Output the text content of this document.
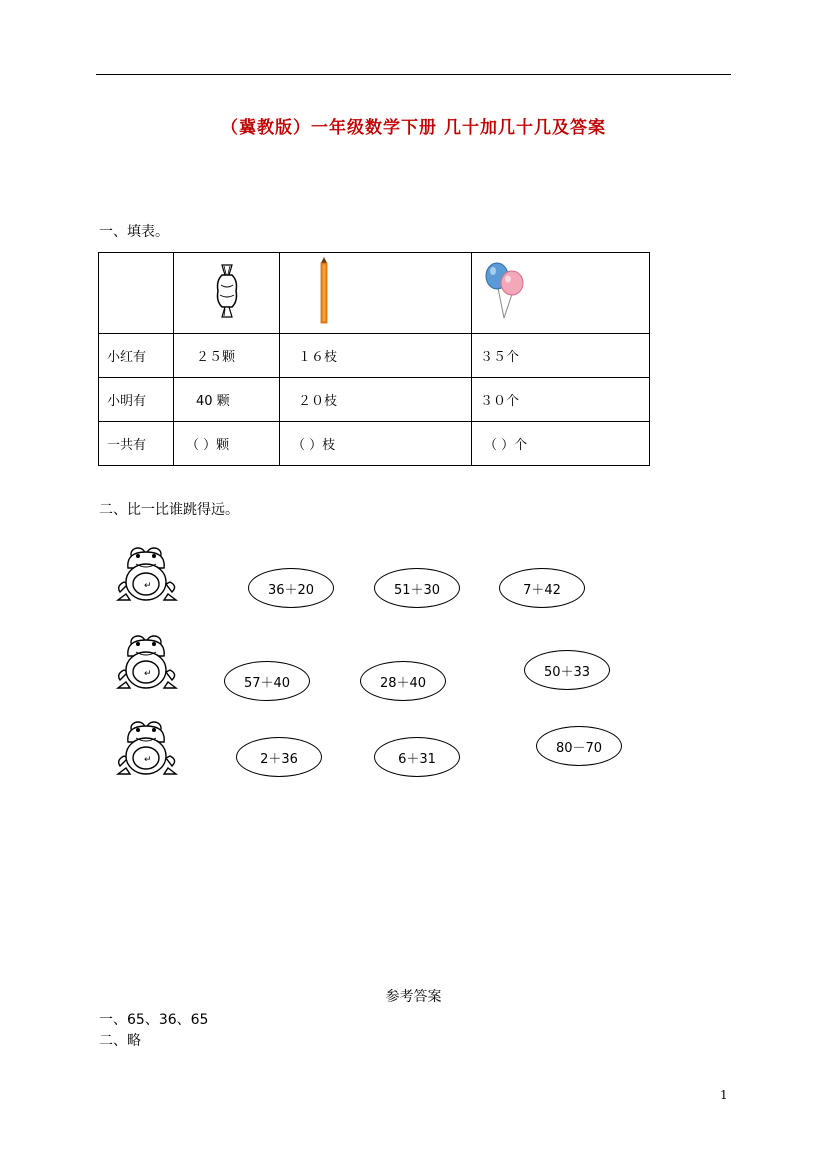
（冀教版）一年级数学下册 几十加几十几及答案
一、填表。

小红有	２５颗	１６枝	３５个
小明有	40 颗	２０枝	３０个
一共有	（ ）颗	（ ）枝	（ ）个
二、比一比谁跳得远。
↵
↵
↵
36＋20	51＋30	7＋42
57＋40	28＋40
50＋33
2＋36	6＋31
80－70
参考答案
一、65、36、65
二、略
1
